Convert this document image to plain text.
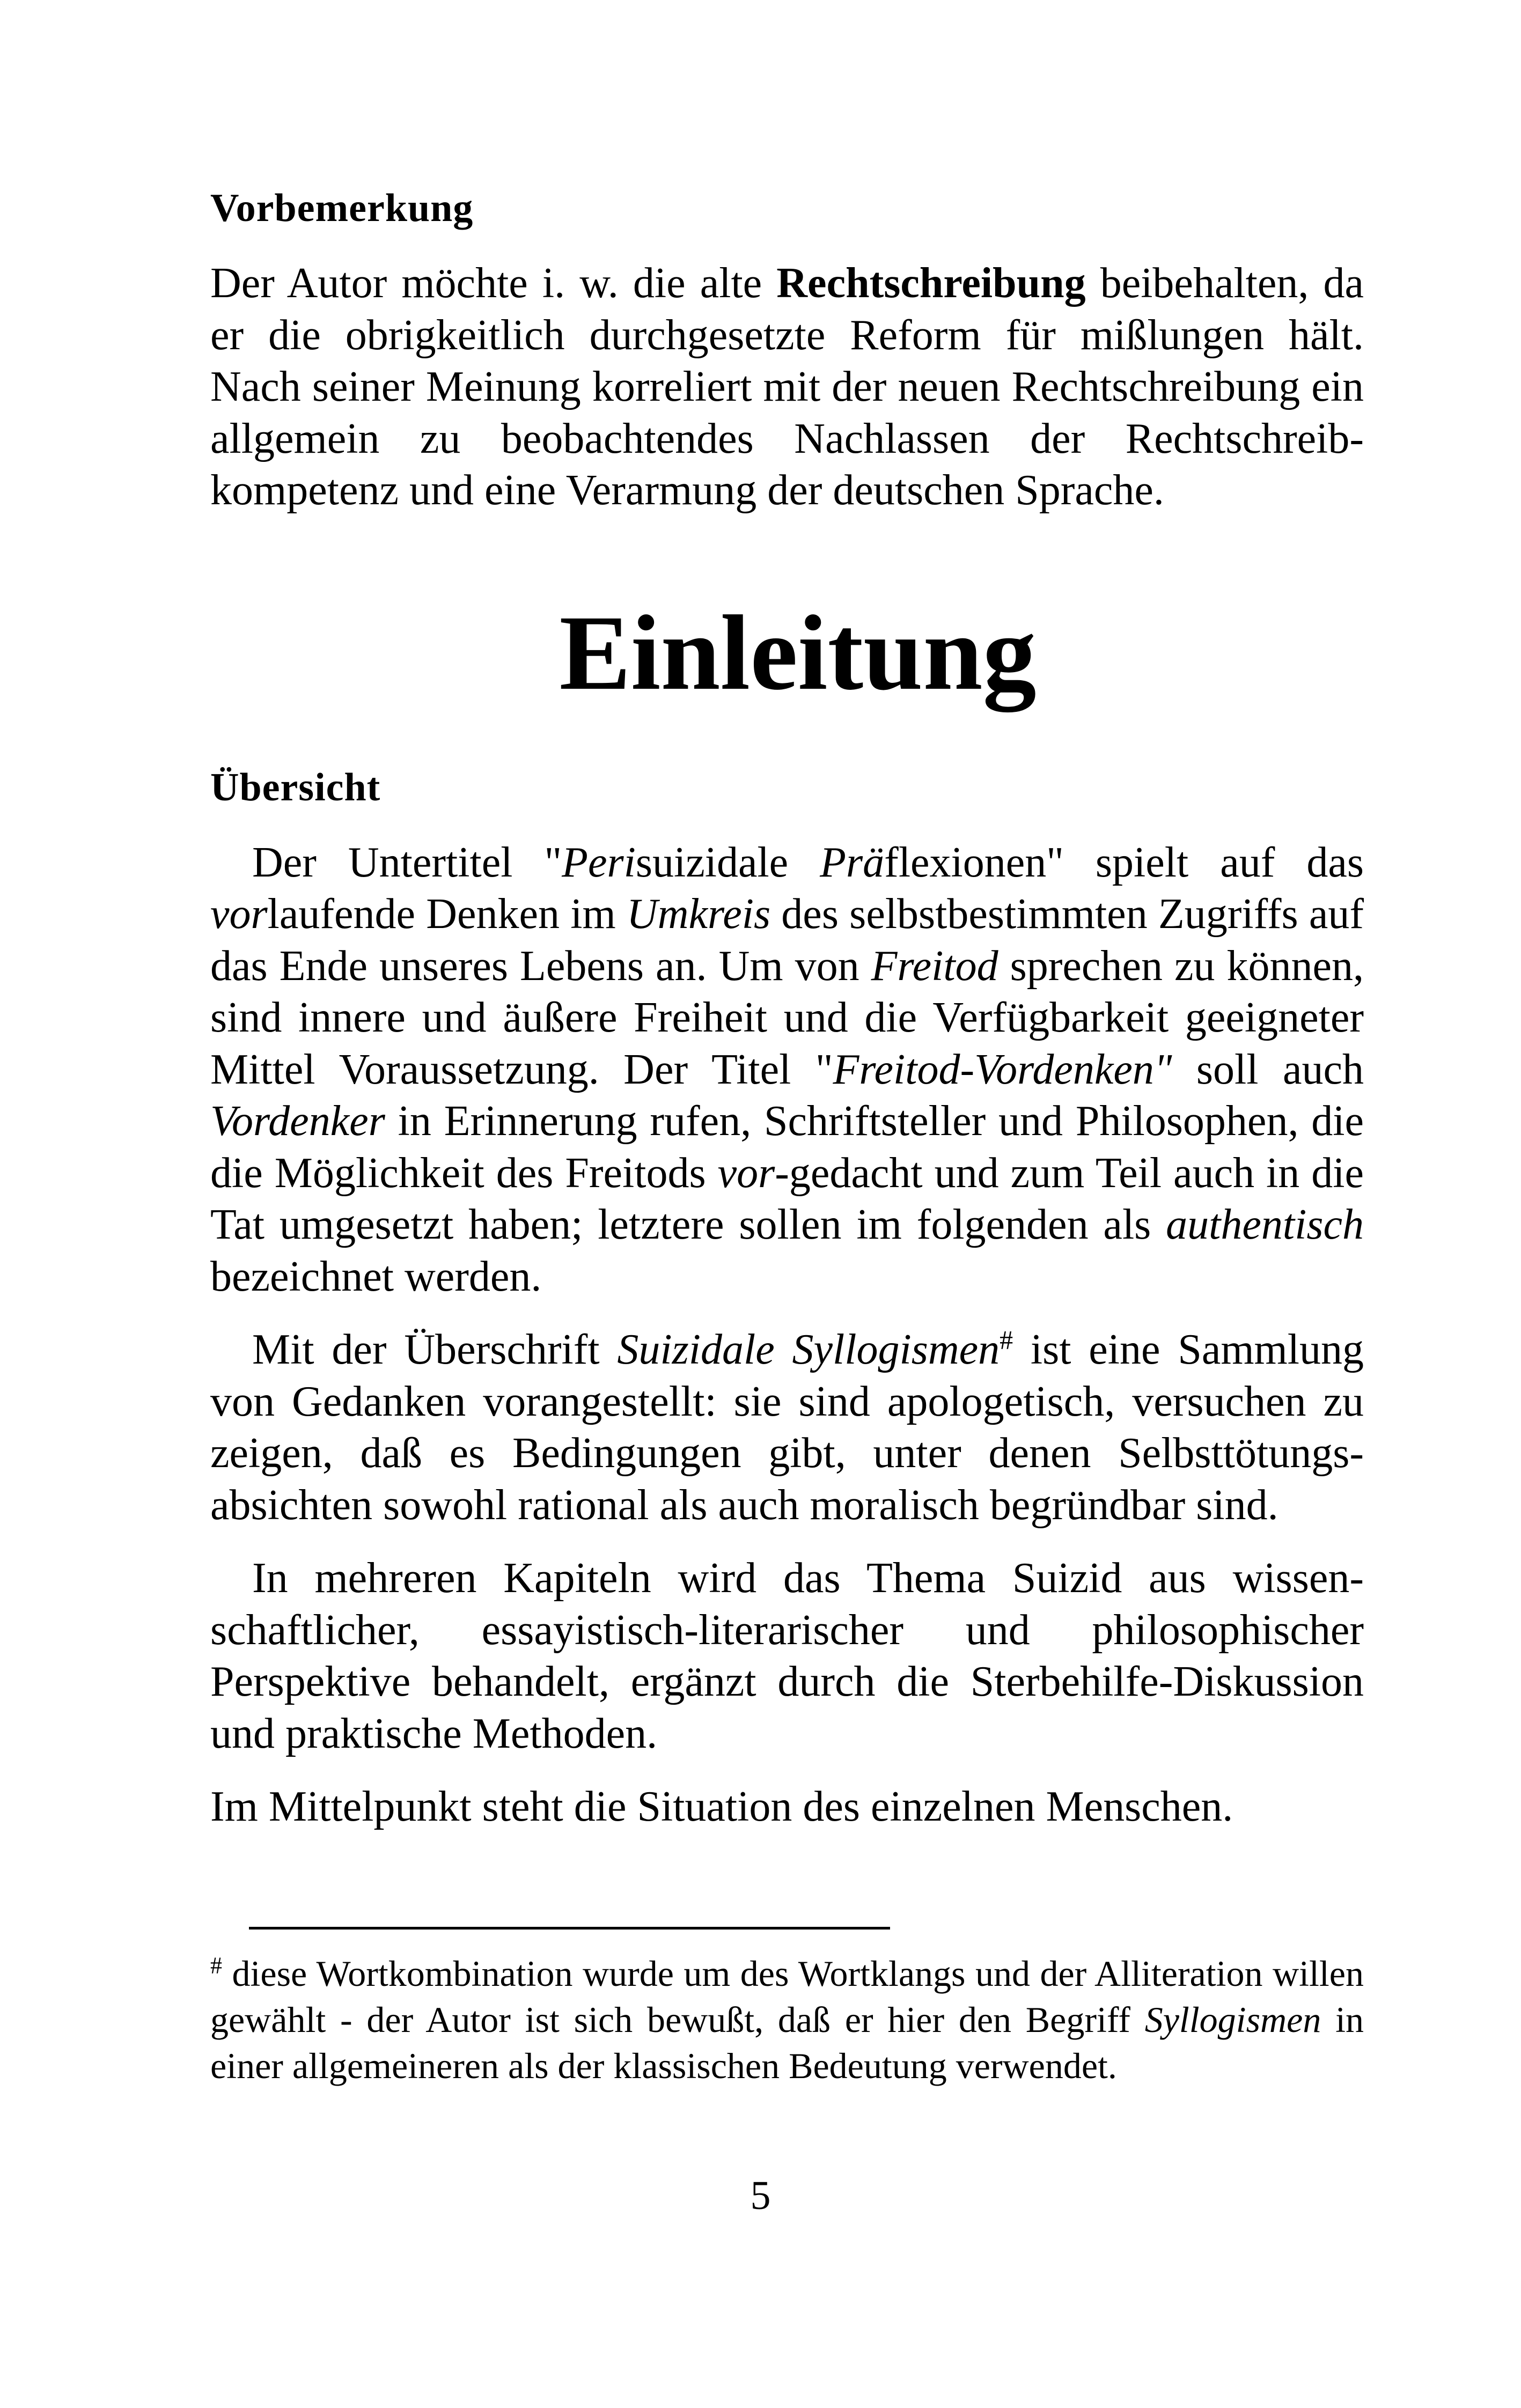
Vorbemerkung

Der Autor möchte i. w. die alte Rechtschreibung beibehalten, da er die obrigkeitlich durchgesetzte Reform für mißlungen hält. Nach seiner Meinung korreliert mit der neuen Rechtschreibung ein allgemein zu beobachtendes Nachlassen der Rechtschreibkompetenz und eine Verarmung der deutschen Sprache.

Einleitung
Übersicht

Der Untertitel "Perisuizidale Präflexionen" spielt auf das vorlaufende Denken im Umkreis des selbstbestimmten Zugriffs auf das Ende unseres Lebens an. Um von Freitod sprechen zu können, sind innere und äußere Freiheit und die Verfügbarkeit geeigneter Mittel Voraussetzung. Der Titel "Freitod-Vordenken" soll auch Vordenker in Erinnerung rufen, Schriftsteller und Philosophen, die die Möglichkeit des Freitods vor-gedacht und zum Teil auch in die Tat umgesetzt haben; letztere sollen im folgenden als authentisch bezeichnet werden.

Mit der Überschrift Suizidale Syllogismen# ist eine Sammlung von Gedanken vorangestellt: sie sind apologetisch, versuchen zu zeigen, daß es Bedingungen gibt, unter denen Selbsttötungsabsichten sowohl rational als auch moralisch begründbar sind.

In mehreren Kapiteln wird das Thema Suizid aus wissenschaftlicher, essayistisch-literarischer und philosophischer Perspektive behandelt, ergänzt durch die Sterbehilfe-Diskussion und praktische Methoden.

Im Mittelpunkt steht die Situation des einzelnen Menschen.

# diese Wortkombination wurde um des Wortklangs und der Alliteration willen gewählt - der Autor ist sich bewußt, daß er hier den Begriff Syllogismen in einer allgemeineren als der klassischen Bedeutung verwendet.

5
